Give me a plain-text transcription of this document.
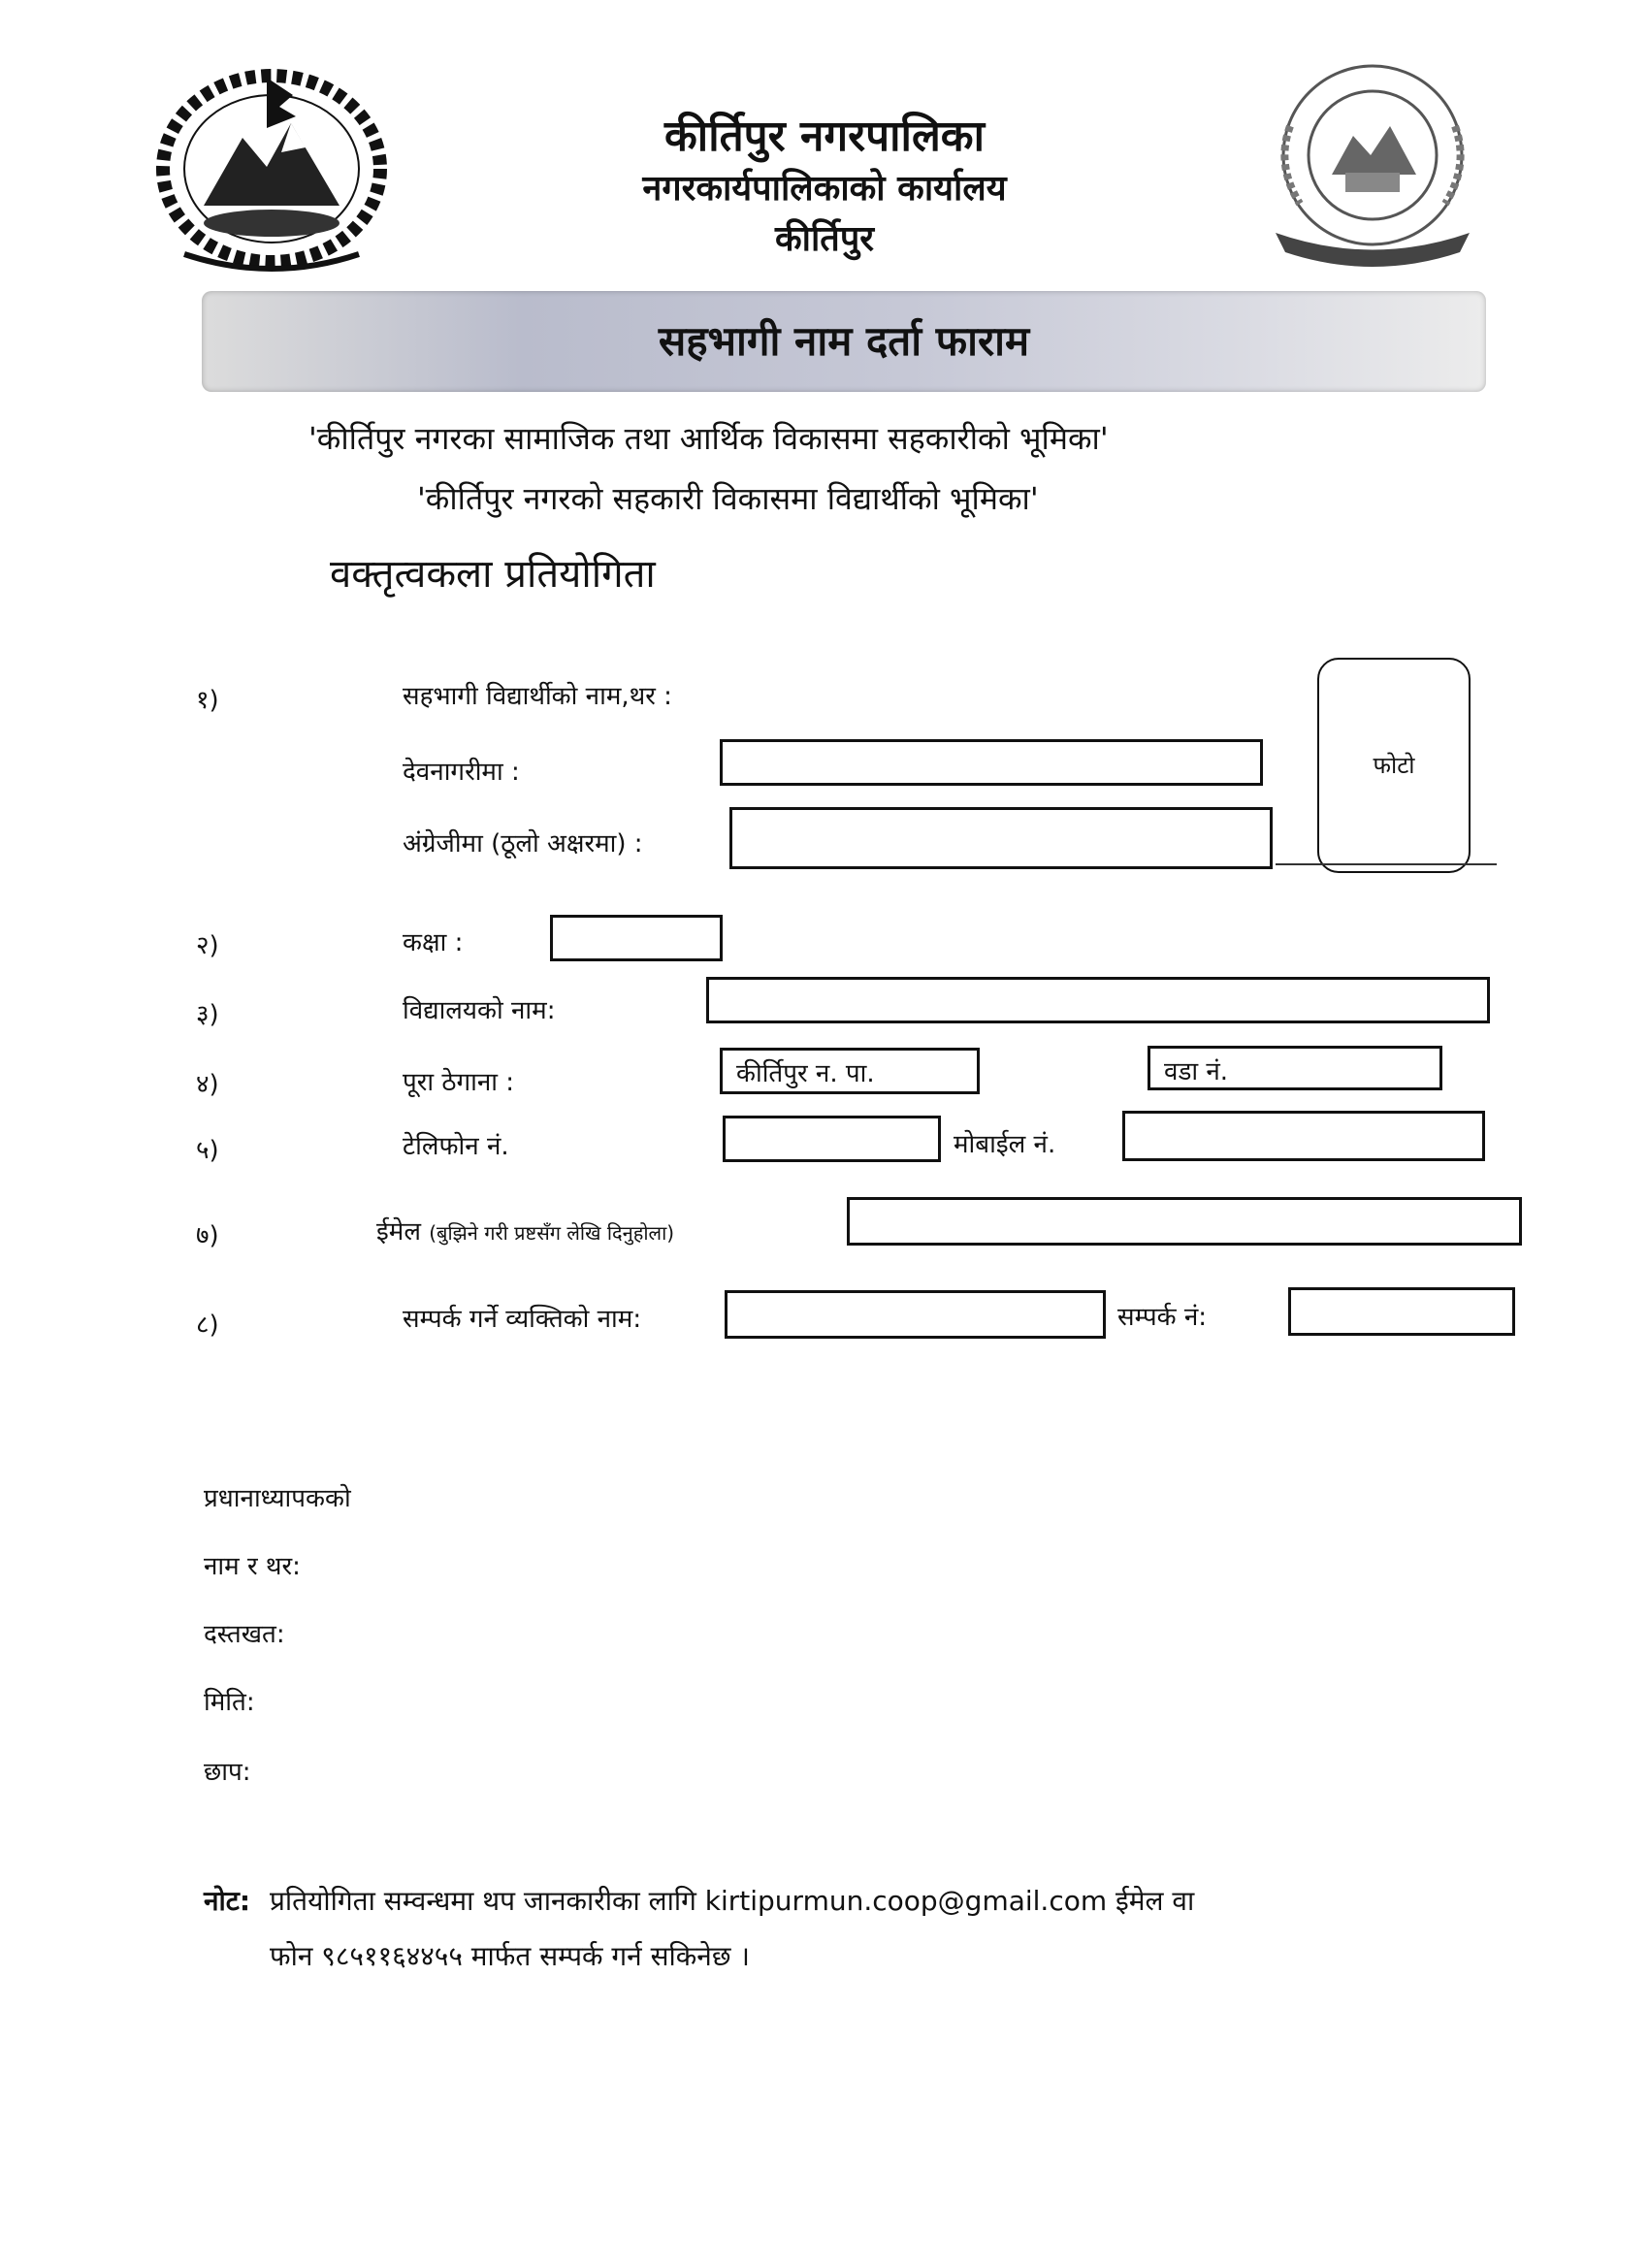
कीर्तिपुर नगरपालिका
नगरकार्यपालिकाको कार्यालय
कीर्तिपुर
सहभागी नाम दर्ता फाराम
'कीर्तिपुर नगरका सामाजिक तथा आर्थिक विकासमा सहकारीको भूमिका'
'कीर्तिपुर नगरको सहकारी विकासमा विद्यार्थीको भूमिका'
वक्तृत्वकला प्रतियोगिता
फोटो
१)	सहभागी विद्यार्थीको नाम,थर :
देवनागरीमा :
अंग्रेजीमा (ठूलो अक्षरमा) :
२)	कक्षा :
३)	विद्यालयको नाम:
४)	पूरा ठेगाना :	कीर्तिपुर न. पा.	वडा नं.
५)	टेलिफोन नं.	मोबाईल नं.
७)	ईमेल (बुझिने गरी प्रष्टसँग लेखि दिनुहोला)
८)	सम्पर्क गर्ने व्यक्तिको नाम:	सम्पर्क नं:
प्रधानाध्यापकको
नाम र थर:
दस्तखत:
मिति:
छाप:
नोट: प्रतियोगिता सम्वन्धमा थप जानकारीका लागि kirtipurmun.coop@gmail.com ईमेल वा
फोन ९८५११६४४५५ मार्फत सम्पर्क गर्न सकिनेछ ।
